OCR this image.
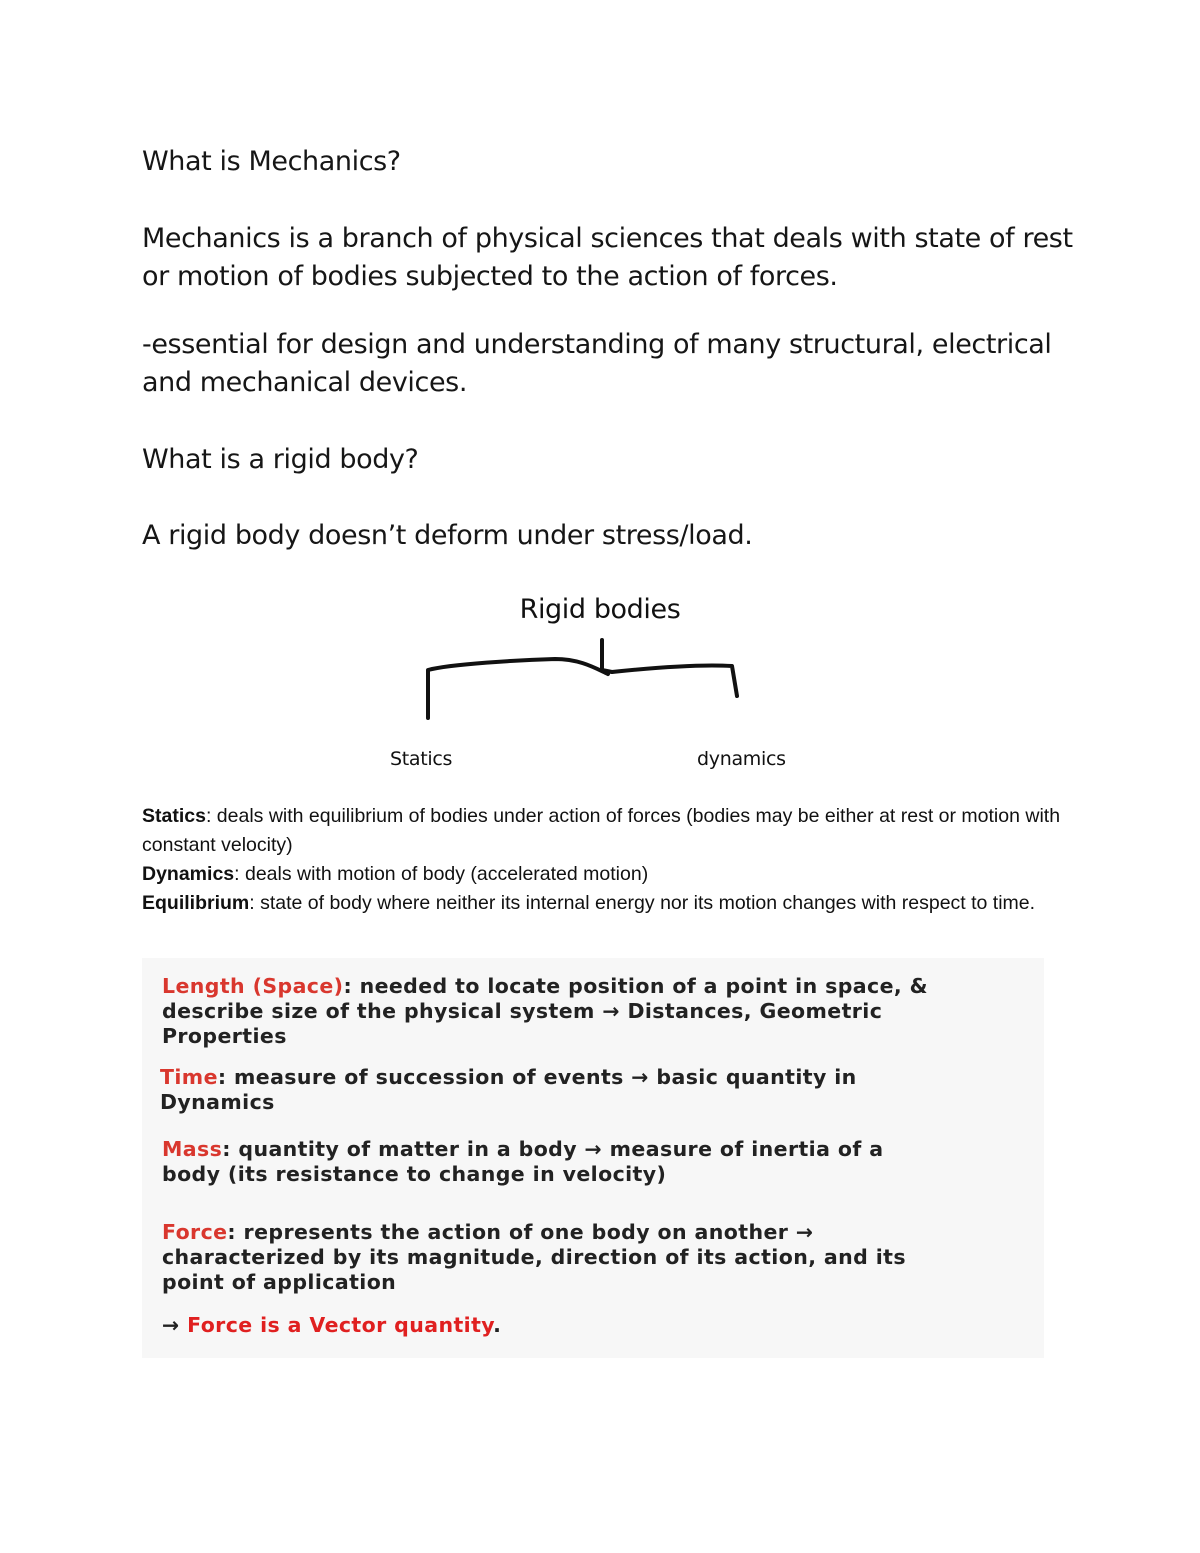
What is Mechanics?
Mechanics is a branch of physical sciences that deals with state of rest
or motion of bodies subjected to the action of forces.
-essential for design and understanding of many structural, electrical
and mechanical devices.
What is a rigid body?
A rigid body doesn’t deform under stress/load.
Rigid bodies
Statics	dynamics

Statics: deals with equilibrium of bodies under action of forces (bodies may be either at rest or motion with constant velocity)

Dynamics: deals with motion of body (accelerated motion)

Equilibrium: state of body where neither its internal energy nor its motion changes with respect to time.

Length (Space): needed to locate position of a point in space, &
describe size of the physical system → Distances, Geometric
Properties
Time: measure of succession of events → basic quantity in
Dynamics
Mass: quantity of matter in a body → measure of inertia of a
body (its resistance to change in velocity)
Force: represents the action of one body on another →
characterized by its magnitude, direction of its action, and its
point of application
→ Force is a Vector quantity.
